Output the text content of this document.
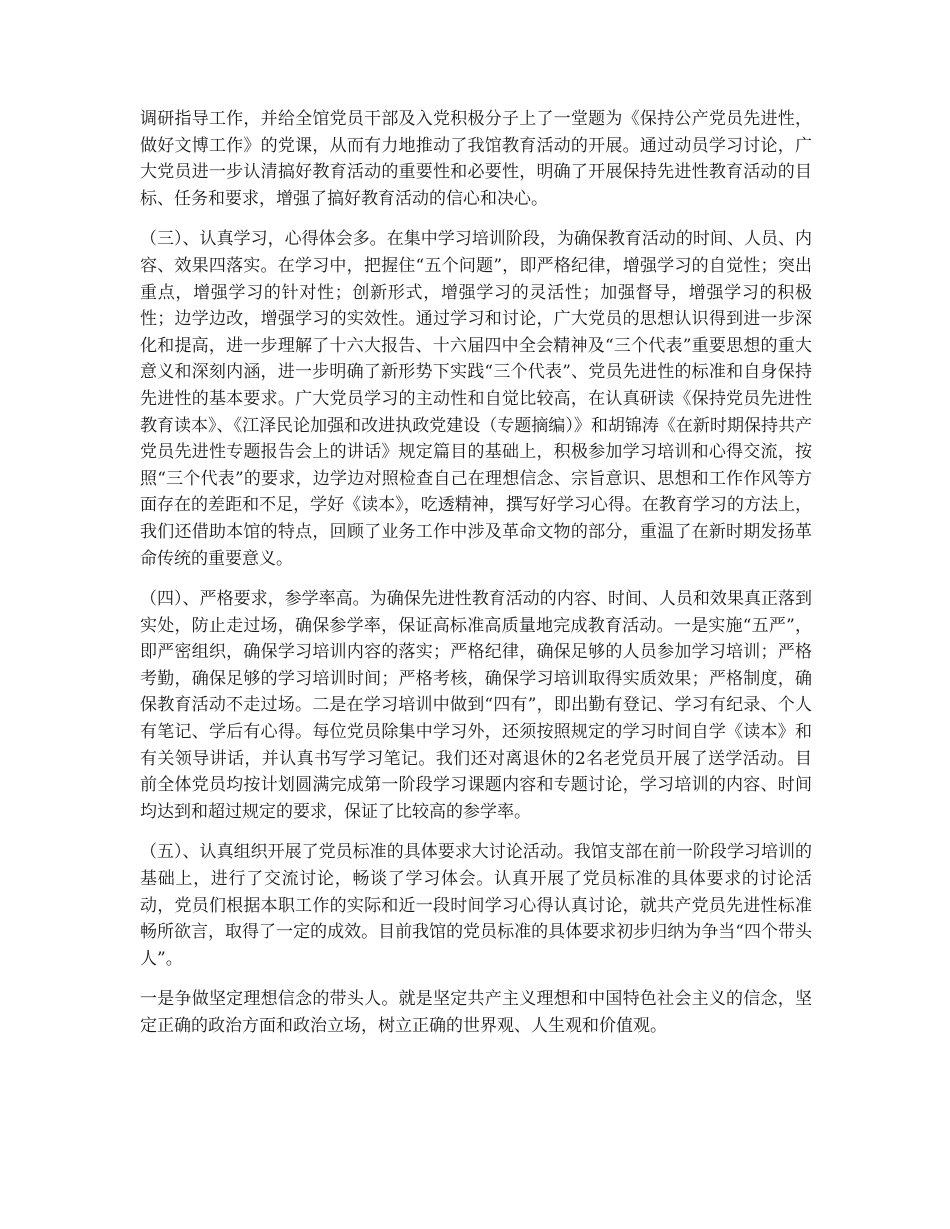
调研指导工作，并给全馆党员干部及入党积极分子上了一堂题为《保持公产党员先进性，做好文博工作》的党课，从而有力地推动了我馆教育活动的开展。通过动员学习讨论，广大党员进一步认清搞好教育活动的重要性和必要性，明确了开展保持先进性教育活动的目标、任务和要求，增强了搞好教育活动的信心和决心。

（三）、认真学习，心得体会多。在集中学习培训阶段，为确保教育活动的时间、人员、内容、效果四落实。在学习中，把握住“五个问题”，即严格纪律，增强学习的自觉性；突出重点，增强学习的针对性；创新形式，增强学习的灵活性；加强督导，增强学习的积极性；边学边改，增强学习的实效性。通过学习和讨论，广大党员的思想认识得到进一步深化和提高，进一步理解了十六大报告、十六届四中全会精神及“三个代表”重要思想的重大意义和深刻内涵，进一步明确了新形势下实践“三个代表”、党员先进性的标准和自身保持先进性的基本要求。广大党员学习的主动性和自觉比较高，在认真研读《保持党员先进性教育读本》、《江泽民论加强和改进执政党建设（专题摘编）》和胡锦涛《在新时期保持共产党员先进性专题报告会上的讲话》规定篇目的基础上，积极参加学习培训和心得交流，按照“三个代表”的要求，边学边对照检查自己在理想信念、宗旨意识、思想和工作作风等方面存在的差距和不足，学好《读本》，吃透精神，撰写好学习心得。在教育学习的方法上，我们还借助本馆的特点，回顾了业务工作中涉及革命文物的部分，重温了在新时期发扬革命传统的重要意义。

（四）、严格要求，参学率高。为确保先进性教育活动的内容、时间、人员和效果真正落到实处，防止走过场，确保参学率，保证高标准高质量地完成教育活动。一是实施“五严”，即严密组织，确保学习培训内容的落实；严格纪律，确保足够的人员参加学习培训；严格考勤，确保足够的学习培训时间；严格考核，确保学习培训取得实质效果；严格制度，确保教育活动不走过场。二是在学习培训中做到“四有”，即出勤有登记、学习有纪录、个人有笔记、学后有心得。每位党员除集中学习外，还须按照规定的学习时间自学《读本》和有关领导讲话，并认真书写学习笔记。我们还对离退休的2名老党员开展了送学活动。目前全体党员均按计划圆满完成第一阶段学习课题内容和专题讨论，学习培训的内容、时间均达到和超过规定的要求，保证了比较高的参学率。

（五）、认真组织开展了党员标准的具体要求大讨论活动。我馆支部在前一阶段学习培训的基础上，进行了交流讨论，畅谈了学习体会。认真开展了党员标准的具体要求的讨论活动，党员们根据本职工作的实际和近一段时间学习心得认真讨论，就共产党员先进性标准畅所欲言，取得了一定的成效。目前我馆的党员标准的具体要求初步归纳为争当“四个带头人”。

一是争做坚定理想信念的带头人。就是坚定共产主义理想和中国特色社会主义的信念，坚定正确的政治方面和政治立场，树立正确的世界观、人生观和价值观。
